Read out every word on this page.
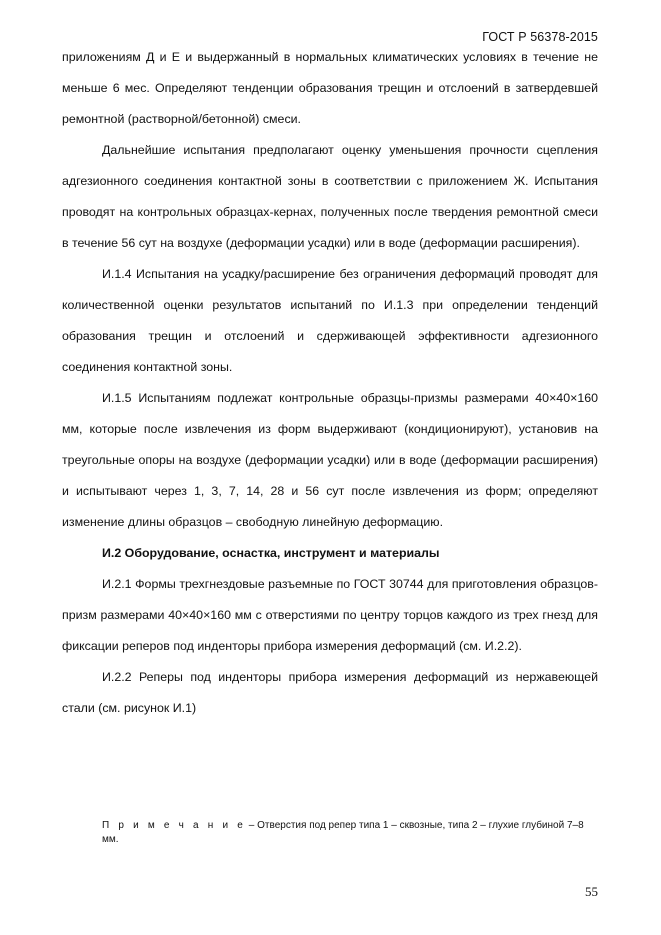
ГОСТ Р 56378-2015

приложениям Д и Е и выдержанный в нормальных климатических условиях в течение не меньше 6 мес. Определяют тенденции образования трещин и отслоений в затвердевшей ремонтной (растворной/бетонной) смеси.

Дальнейшие испытания предполагают оценку уменьшения прочности сцепления адгезионного соединения контактной зоны в соответствии с приложением Ж. Испытания проводят на контрольных образцах-кернах, полученных после твердения ремонтной смеси в течение 56 сут на воздухе (деформации усадки) или в воде (деформации расширения).

И.1.4 Испытания на усадку/расширение без ограничения деформаций проводят для количественной оценки результатов испытаний по И.1.3 при определении тенденций образования трещин и отслоений и сдерживающей эффективности адгезионного соединения контактной зоны.

И.1.5 Испытаниям подлежат контрольные образцы-призмы размерами 40×40×160 мм, которые после извлечения из форм выдерживают (кондиционируют), установив на треугольные опоры на воздухе (деформации усадки) или в воде (деформации расширения) и испытывают через 1, 3, 7, 14, 28 и 56 сут после извлечения из форм; определяют изменение длины образцов – свободную линейную деформацию.

И.2 Оборудование, оснастка, инструмент и материалы

И.2.1 Формы трехгнездовые разъемные по ГОСТ 30744 для приготовления образцов-призм размерами 40×40×160 мм с отверстиями по центру торцов каждого из трех гнезд для фиксации реперов под инденторы прибора измерения деформаций (см. И.2.2).

И.2.2 Реперы под инденторы прибора измерения деформаций из нержавеющей стали (см. рисунок И.1)

П р и м е ч а н и е – Отверстия под репер типа 1 – сквозные, типа 2 – глухие глубиной 7–8 мм.
55
